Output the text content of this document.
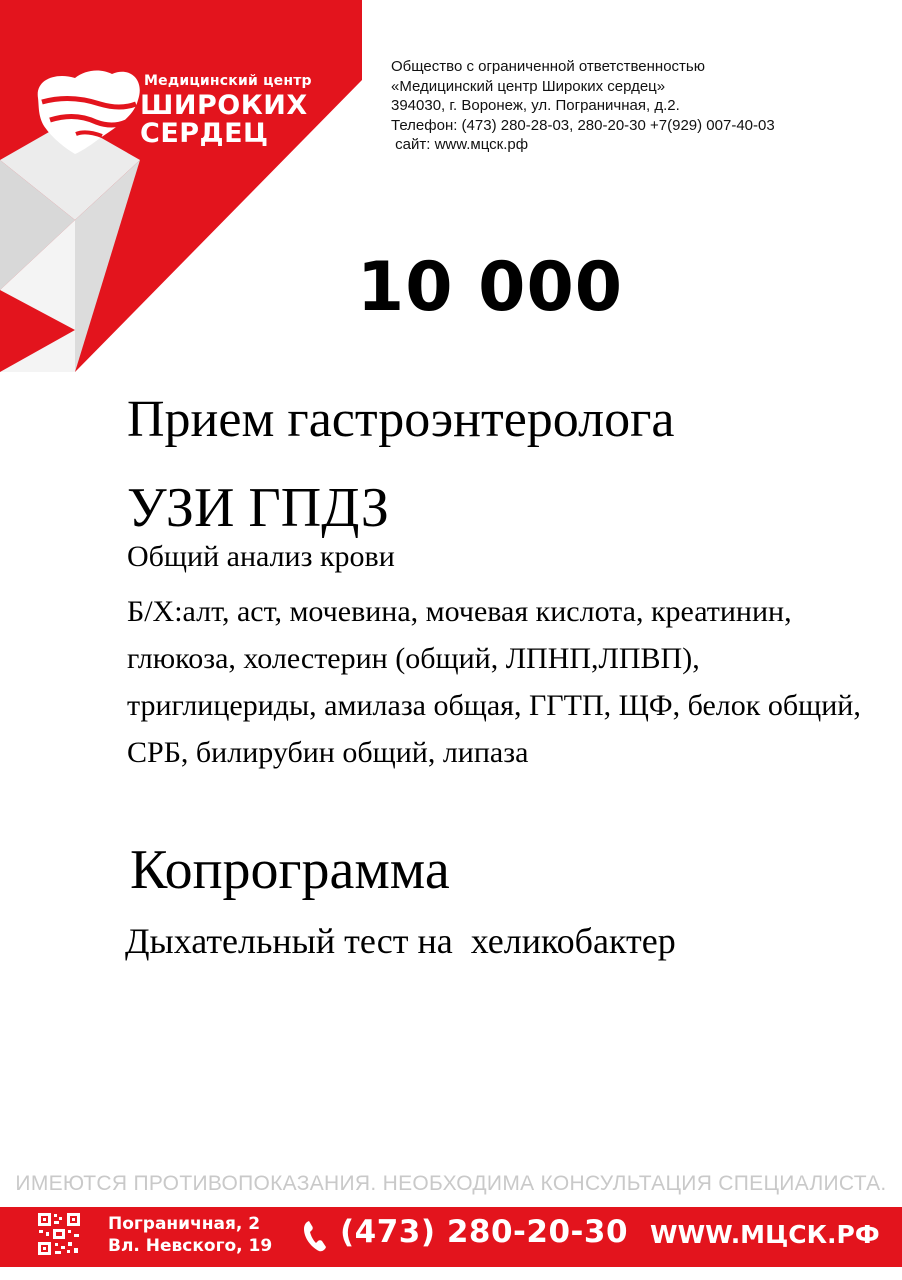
Медицинский центр
ШИРОКИХ
СЕРДЕЦ
Общество с ограниченной ответственностью
«Медицинский центр Широких сердец»
394030, г. Воронеж, ул. Пограничная, д.2.
Телефон: (473) 280-28-03, 280-20-30 +7(929) 007-40-03
сайт: www.мцск.рф
10 000
Прием гастроэнтеролога
УЗИ ГПДЗ
Общий анализ крови
Б/Х:алт, аст, мочевина, мочевая кислота, креатинин, глюкоза, холестерин (общий, ЛПНП,ЛПВП), триглицериды, амилаза общая, ГГТП, ЩФ, белок общий, СРБ, билирубин общий, липаза
Копрограмма
Дыхательный тест на  хеликобактер
ИМЕЮТСЯ ПРОТИВОПОКАЗАНИЯ. НЕОБХОДИМА КОНСУЛЬТАЦИЯ СПЕЦИАЛИСТА.
Пограничная, 2
Вл. Невского, 19 (473) 280-20-30 WWW.МЦСК.РФ
